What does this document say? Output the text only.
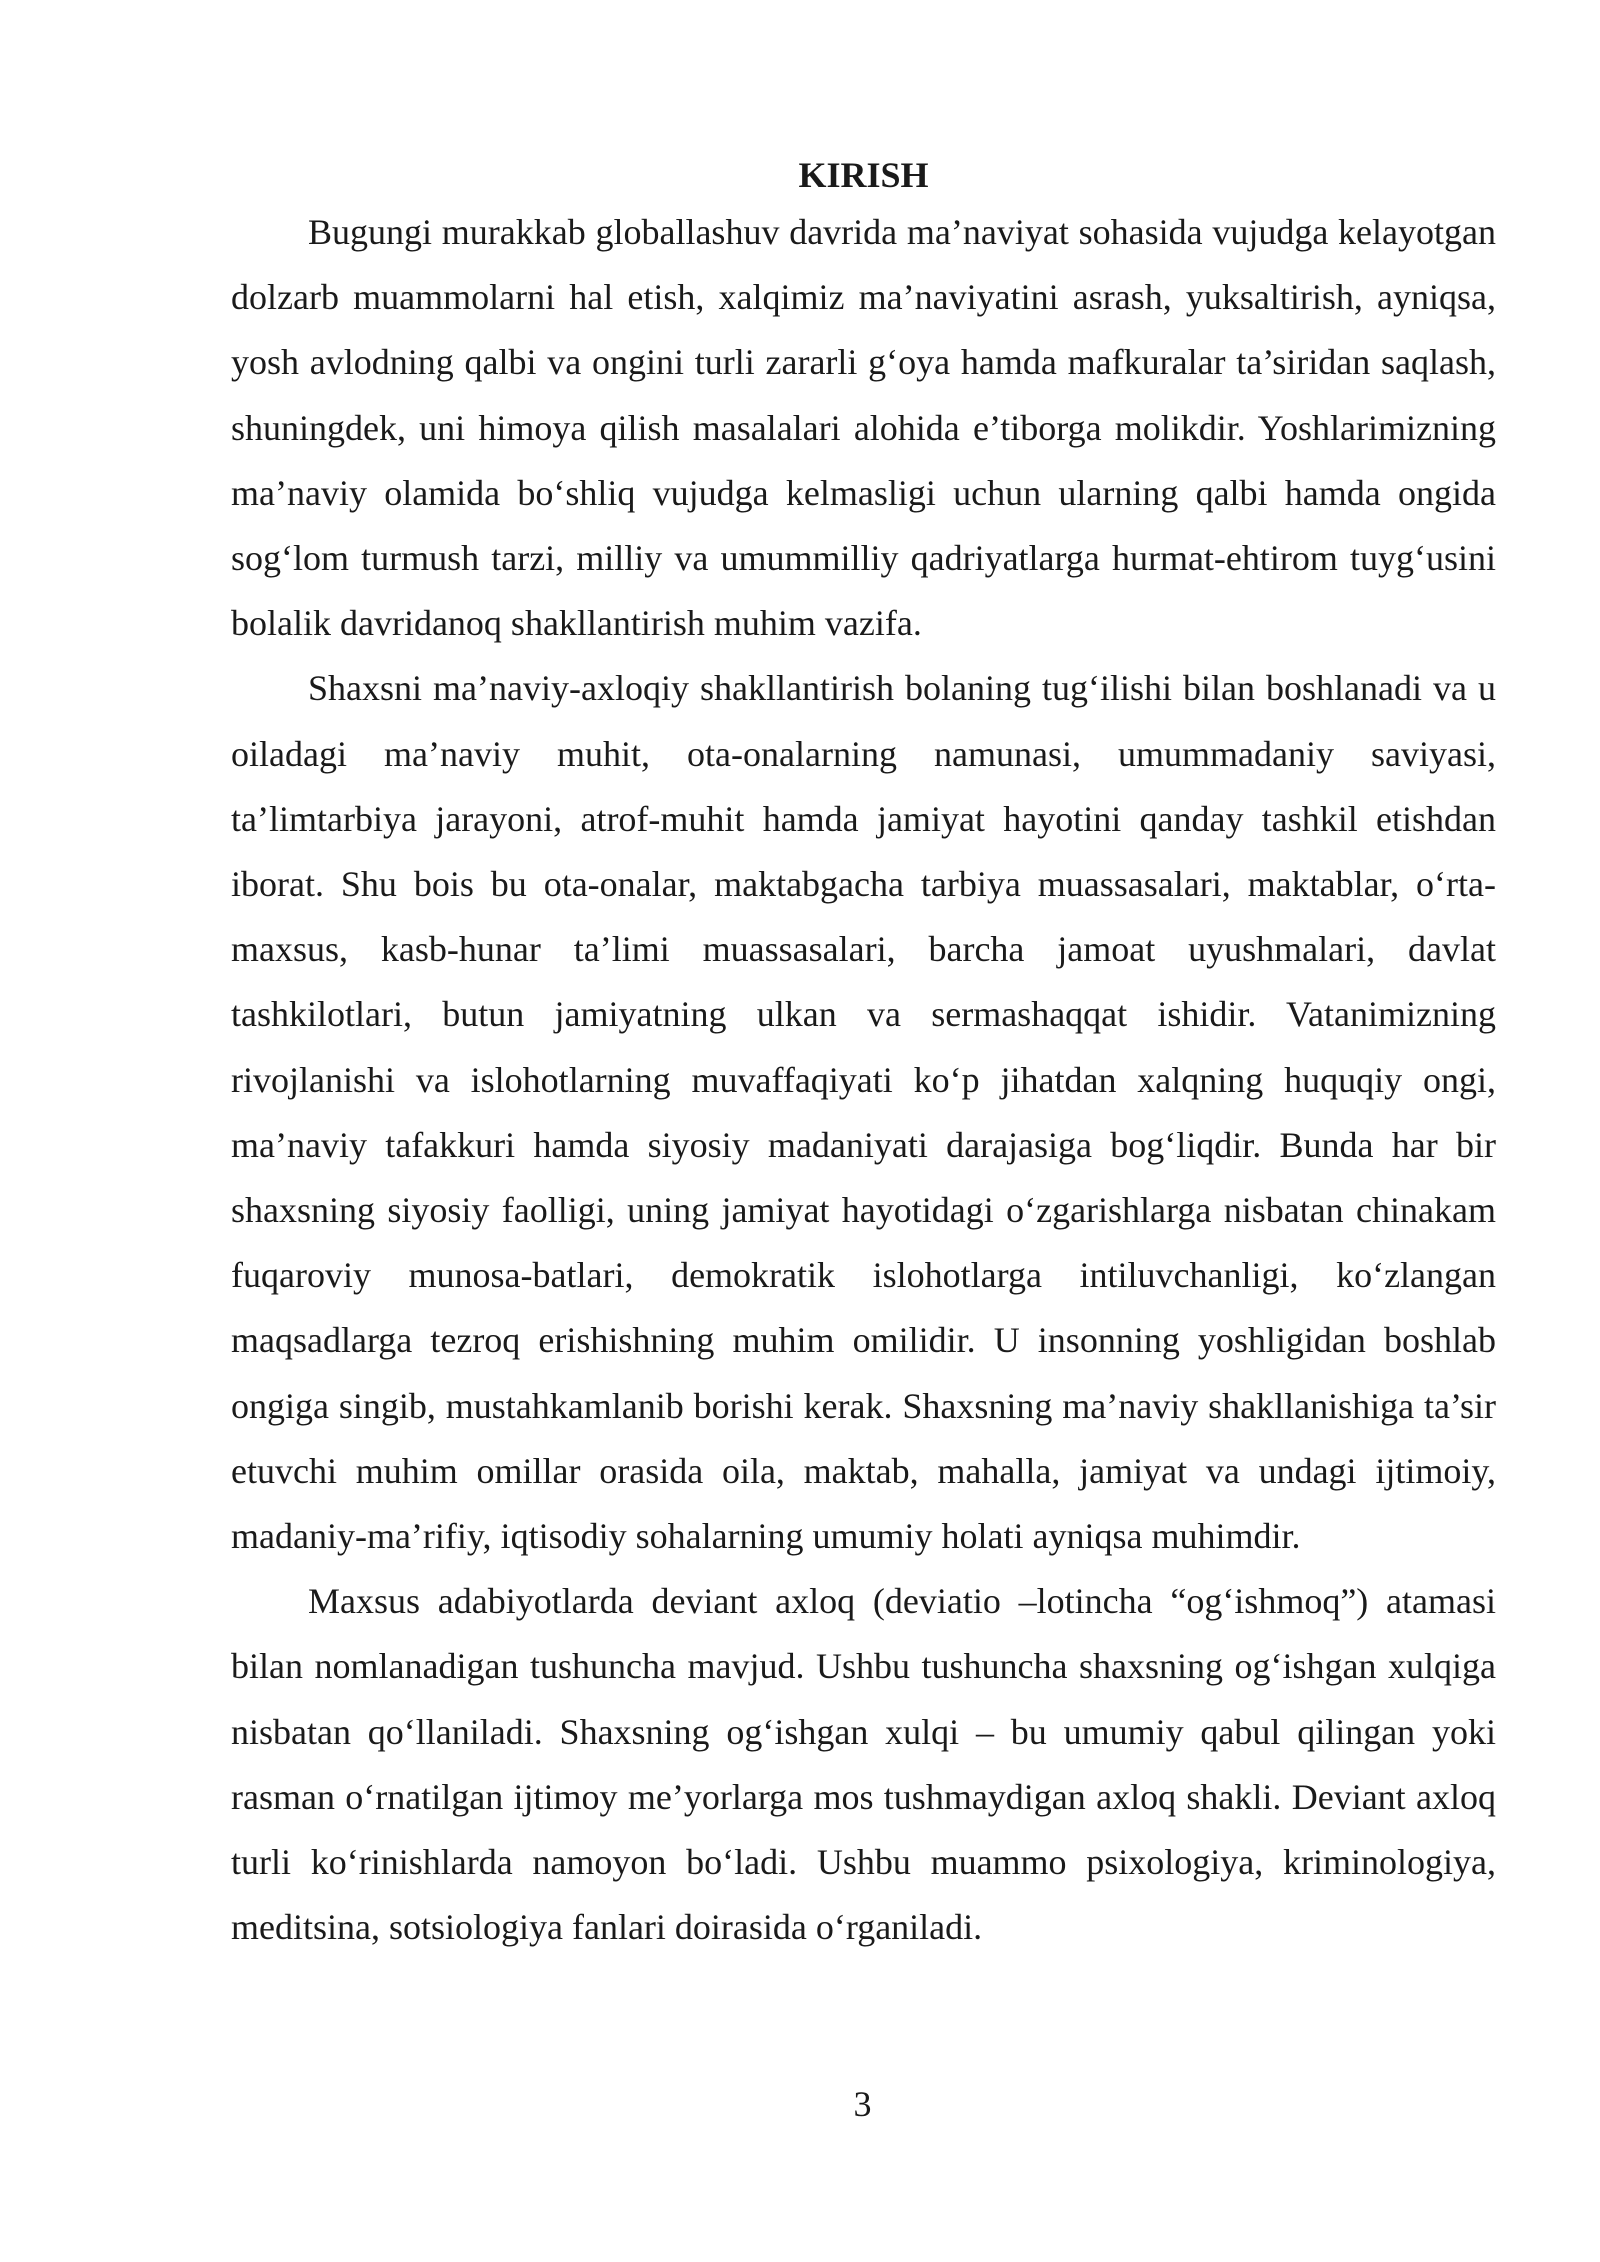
KIRISH

Bugungi murakkab globallashuv davrida ma’naviyat sohasida vujudga kelayotgan dolzarb muammolarni hal etish, xalqimiz ma’naviyatini asrash, yuksaltirish, ayniqsa, yosh avlodning qalbi va ongini turli zararli g‘oya hamda mafkuralar ta’siridan saqlash, shuningdek, uni himoya qilish masalalari alohida e’tiborga molikdir. Yoshlarimizning ma’naviy olamida bo‘shliq vujudga kelmasligi uchun ularning qalbi hamda ongida sog‘lom turmush tarzi, milliy va umummilliy qadriyatlarga hurmat-ehtirom tuyg‘usini bolalik davridanoq shakllantirish muhim vazifa.

Shaxsni ma’naviy-axloqiy shakllantirish bolaning tug‘ilishi bilan boshlanadi va u oiladagi ma’naviy muhit, ota-onalarning namunasi, umummadaniy saviyasi, ta’limtarbiya jarayoni, atrof-muhit hamda jamiyat hayotini qanday tashkil etishdan iborat. Shu bois bu ota-onalar, maktabgacha tarbiya muassasalari, maktablar, o‘rta-maxsus, kasb-hunar ta’limi muassasalari, barcha jamoat uyushmalari, davlat tashkilotlari, butun jamiyatning ulkan va sermashaqqat ishidir. Vatanimizning rivojlanishi va islohotlarning muvaffaqiyati ko‘p jihatdan xalqning huquqiy ongi, ma’naviy tafakkuri hamda siyosiy madaniyati darajasiga bog‘liqdir. Bunda har bir shaxsning siyosiy faolligi, uning jamiyat hayotidagi o‘zgarishlarga nisbatan chinakam fuqaroviy munosa-batlari, demokratik islohotlarga intiluvchanligi, ko‘zlangan maqsadlarga tezroq erishishning muhim omilidir. U insonning yoshligidan boshlab ongiga singib, mustahkamlanib borishi kerak. Shaxsning ma’naviy shakllanishiga ta’sir etuvchi muhim omillar orasida oila, maktab, mahalla, jamiyat va undagi ijtimoiy, madaniy-ma’rifiy, iqtisodiy sohalarning umumiy holati ayniqsa muhimdir.

Maxsus adabiyotlarda deviant axloq (deviatio –lotincha “og‘ishmoq”) atamasi bilan nomlanadigan tushuncha mavjud. Ushbu tushuncha shaxsning og‘ishgan xulqiga nisbatan qo‘llaniladi. Shaxsning og‘ishgan xulqi – bu umumiy qabul qilingan yoki rasman o‘rnatilgan ijtimoy me’yorlarga mos tushmaydigan axloq shakli. Deviant axloq turli ko‘rinishlarda namoyon bo‘ladi. Ushbu muammo psixologiya, kriminologiya, meditsina, sotsiologiya fanlari doirasida o‘rganiladi.

3
